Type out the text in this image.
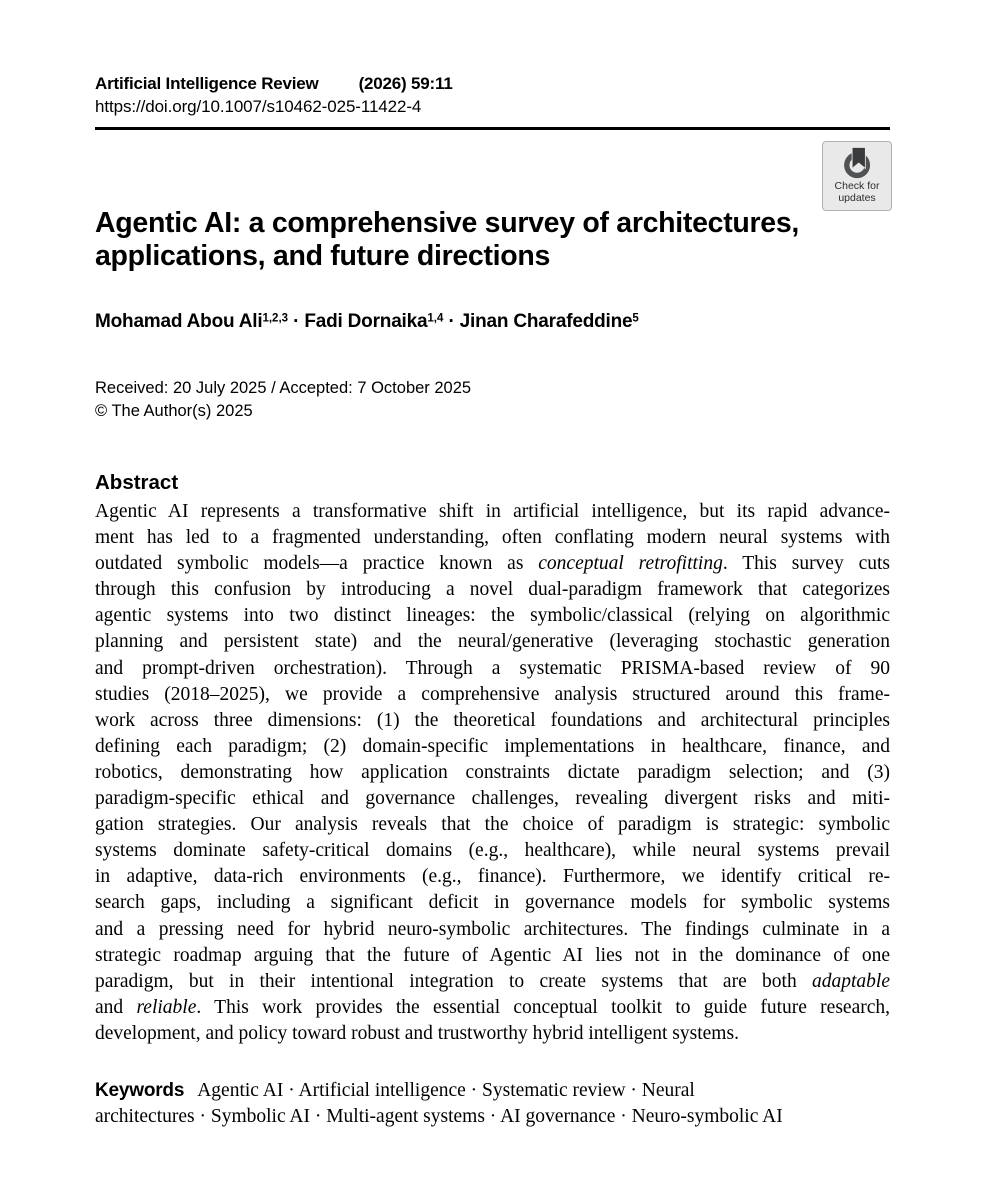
Artificial Intelligence Review (2026) 59:11
https://doi.org/10.1007/s10462-025-11422-4
Check for
updates
Agentic AI: a comprehensive survey of architectures,
applications, and future directions
Mohamad Abou Ali$^{1,2,3}$ · Fadi Dornaika$^{1,4}$ · Jinan Charafeddine$^5$
Received: 20 July 2025 / Accepted: 7 October 2025
© The Author(s) 2025
Abstract
Agentic AI represents a transformative shift in artificial intelligence, but its rapid advance-
ment has led to a fragmented understanding, often conflating modern neural systems with
outdated symbolic models—a practice known as conceptual retrofitting. This survey cuts
through this confusion by introducing a novel dual-paradigm framework that categorizes
agentic systems into two distinct lineages: the symbolic/classical (relying on algorithmic
planning and persistent state) and the neural/generative (leveraging stochastic generation
and prompt-driven orchestration). Through a systematic PRISMA-based review of 90
studies (2018–2025), we provide a comprehensive analysis structured around this frame-
work across three dimensions: (1) the theoretical foundations and architectural principles
defining each paradigm; (2) domain-specific implementations in healthcare, finance, and
robotics, demonstrating how application constraints dictate paradigm selection; and (3)
paradigm-specific ethical and governance challenges, revealing divergent risks and miti-
gation strategies. Our analysis reveals that the choice of paradigm is strategic: symbolic
systems dominate safety-critical domains (e.g., healthcare), while neural systems prevail
in adaptive, data-rich environments (e.g., finance). Furthermore, we identify critical re-
search gaps, including a significant deficit in governance models for symbolic systems
and a pressing need for hybrid neuro-symbolic architectures. The findings culminate in a
strategic roadmap arguing that the future of Agentic AI lies not in the dominance of one
paradigm, but in their intentional integration to create systems that are both adaptable
and reliable. This work provides the essential conceptual toolkit to guide future research,
development, and policy toward robust and trustworthy hybrid intelligent systems.
Keywords Agentic AI · Artificial intelligence · Systematic review · Neural
architectures · Symbolic AI · Multi-agent systems · AI governance · Neuro-symbolic AI
